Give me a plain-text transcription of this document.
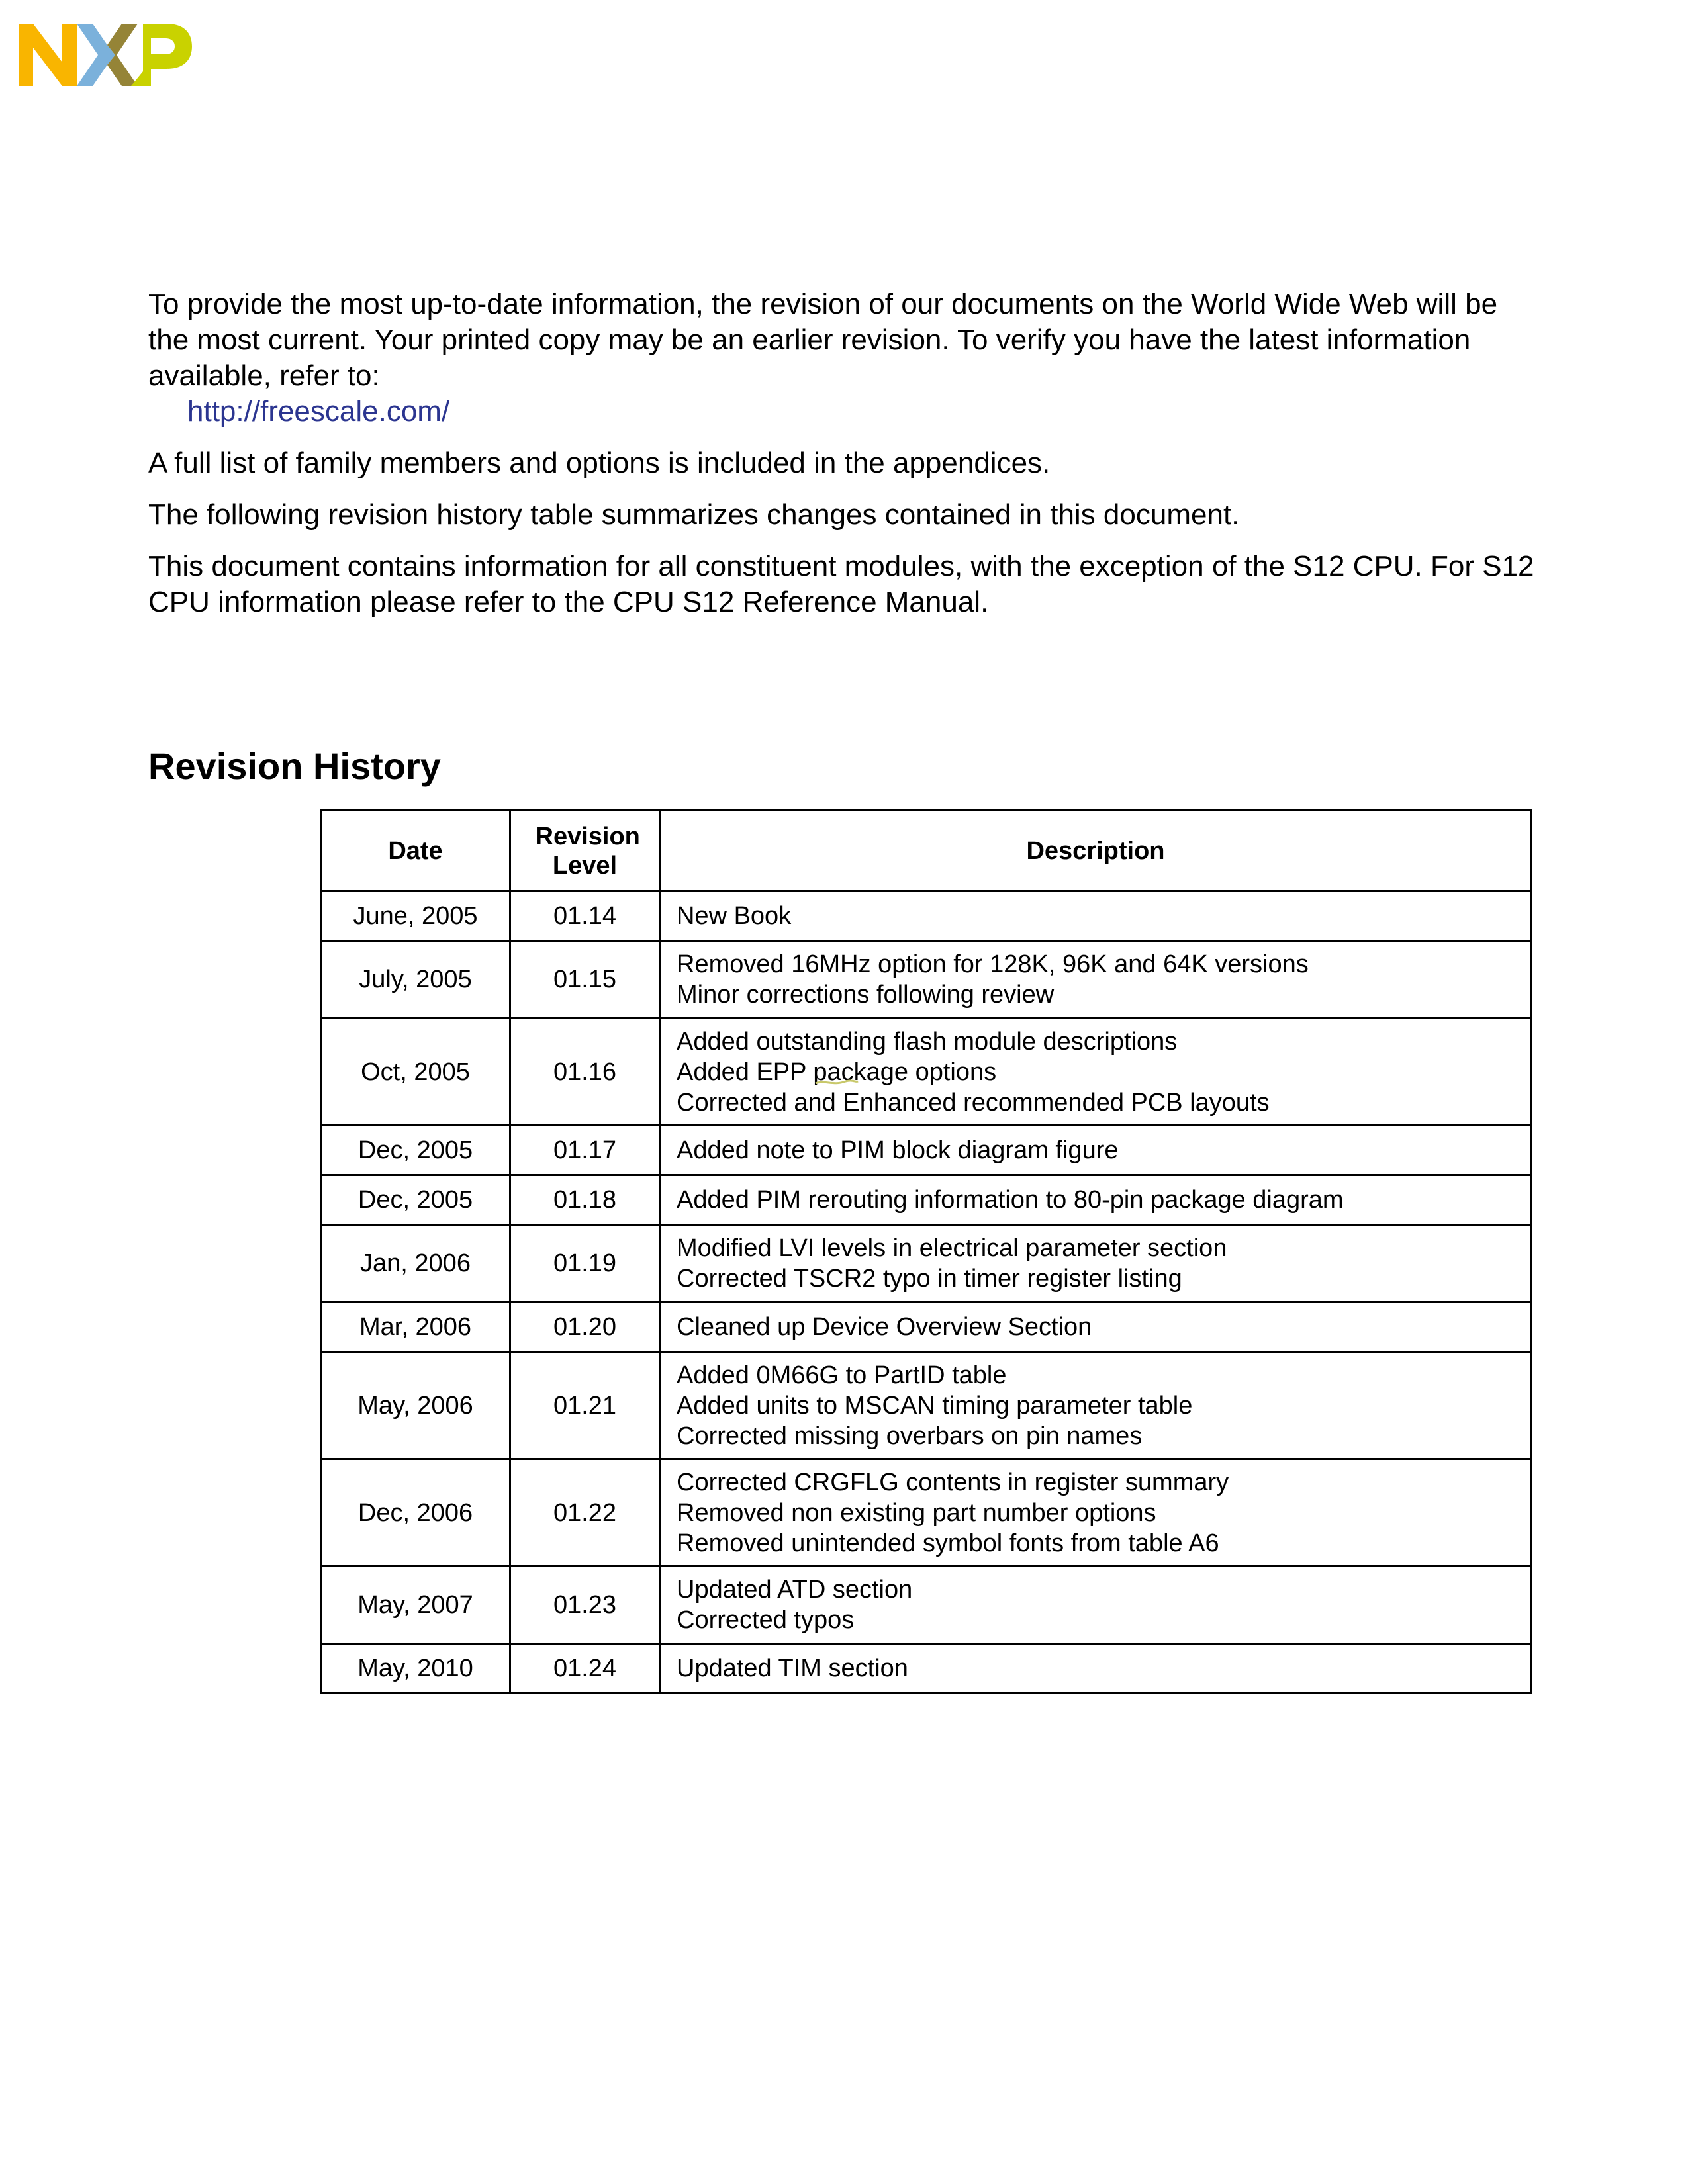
To provide the most up-to-date information, the revision of our documents on the World Wide Web will be the most current. Your printed copy may be an earlier revision. To verify you have the latest information available, refer to:

http://freescale.com/

A full list of family members and options is included in the appendices.

The following revision history table summarizes changes contained in this document.

This document contains information for all constituent modules, with the exception of the S12 CPU. For S12 CPU information please refer to the CPU S12 Reference Manual.

Revision History
Date	Revision Level	Description
June, 2005	01.14	New Book

July, 2005	01.15	Removed 16MHz option for 128K, 96K and 64K versions
Minor corrections following review

Oct, 2005	01.16	Added outstanding flash module descriptions
Added EPP package options
Corrected and Enhanced recommended PCB layouts

Dec, 2005	01.17	Added note to PIM block diagram figure

Dec, 2005	01.18	Added PIM rerouting information to 80-pin package diagram

Jan, 2006	01.19	Modified LVI levels in electrical parameter section
Corrected TSCR2 typo in timer register listing

Mar, 2006	01.20	Cleaned up Device Overview Section

May, 2006	01.21	Added 0M66G to PartID table
Added units to MSCAN timing parameter table
Corrected missing overbars on pin names

Dec, 2006	01.22	Corrected CRGFLG contents in register summary
Removed non existing part number options
Removed unintended symbol fonts from table A6

May, 2007	01.23	Updated ATD section
Corrected typos

May, 2010	01.24	Updated TIM section
